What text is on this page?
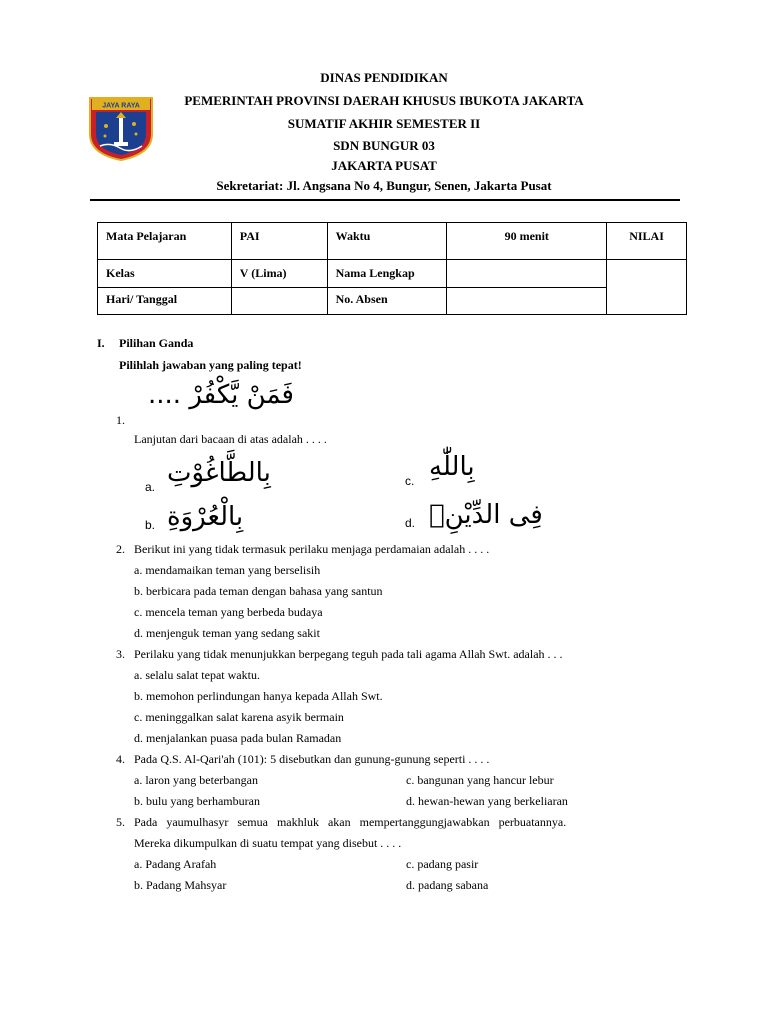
JAYA RAYA
DINAS PENDIDIKAN
PEMERINTAH PROVINSI DAERAH KHUSUS IBUKOTA JAKARTA
SUMATIF AKHIR SEMESTER II
SDN BUNGUR 03
JAKARTA PUSAT
Sekretariat: Jl. Angsana No 4, Bungur, Senen, Jakarta Pusat
Mata Pelajaran	PAI	Waktu	90 menit	NILAI
Kelas	V (Lima)	Nama Lengkap		
Hari/ Tanggal		No. Absen		
I. Pilihan Ganda
Pilihlah jawaban yang paling tepat!
فَمَنْ يَّكْفُرْ ....
1.
Lanjutan dari bacaan di atas adalah . . . .
a. بِالطَّاغُوْتِ
b. بِالْعُرْوَةِ
c. بِاللّٰهِ
d. فِى الدِّيْنِۗ
2. Berikut ini yang tidak termasuk perilaku menjaga perdamaian adalah . . . .
a. mendamaikan teman yang berselisih
b. berbicara pada teman dengan bahasa yang santun
c. mencela teman yang berbeda budaya
d. menjenguk teman yang sedang sakit
3. Perilaku yang tidak menunjukkan berpegang teguh pada tali agama Allah Swt. adalah . . .
a. selalu salat tepat waktu.
b. memohon perlindungan hanya kepada Allah Swt.
c. meninggalkan salat karena asyik bermain
d. menjalankan puasa pada bulan Ramadan
4. Pada Q.S. Al-Qari'ah (101): 5 disebutkan dan gunung-gunung seperti . . . .
a. laron yang beterbangan	c. bangunan yang hancur lebur
b. bulu yang berhamburan	d. hewan-hewan yang berkeliaran
5. Pada   yaumulhasyr   semua   makhluk   akan   mempertanggungjawabkan   perbuatannya.
Mereka dikumpulkan di suatu tempat yang disebut . . . .
a. Padang Arafah	c. padang pasir
b. Padang Mahsyar	d. padang sabana
